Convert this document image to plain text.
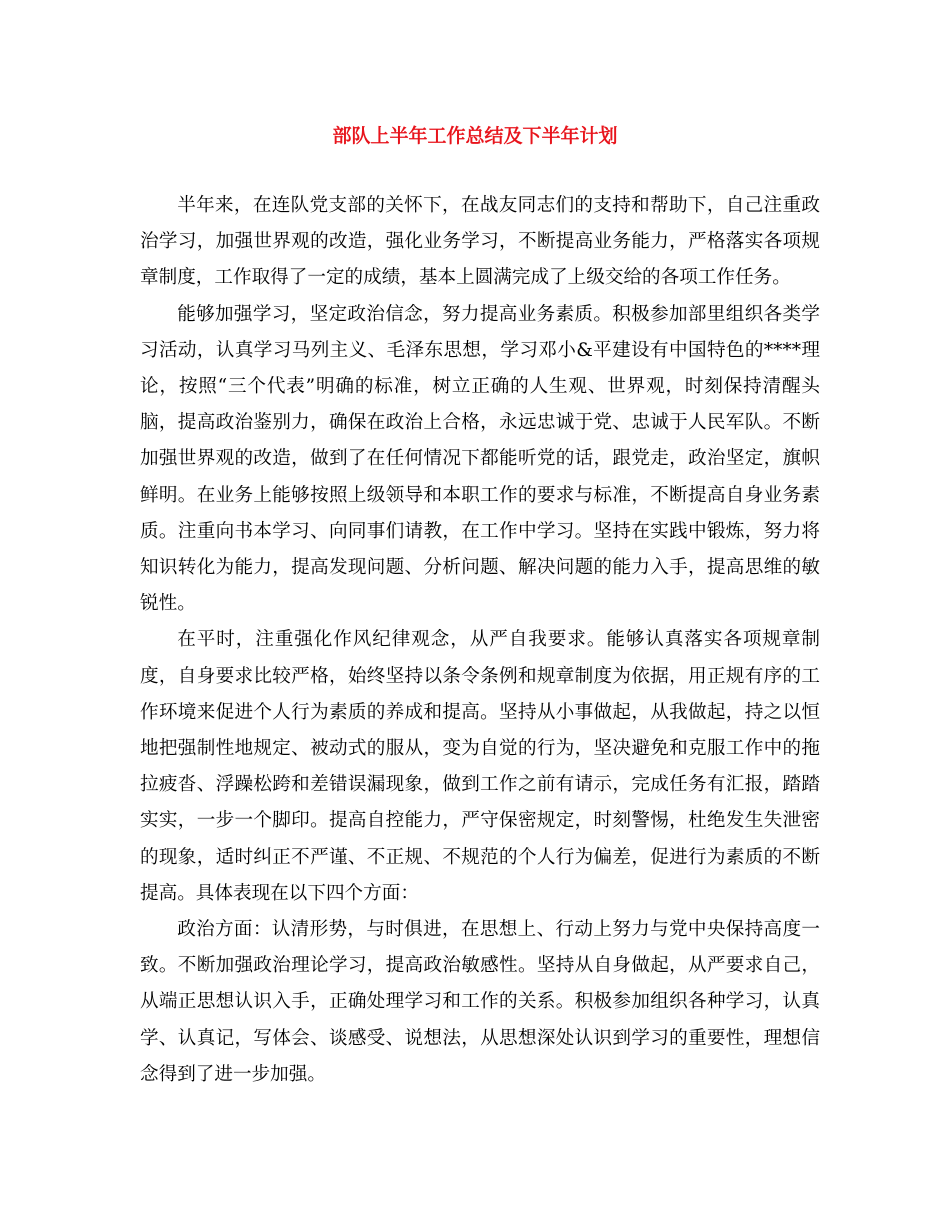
部队上半年工作总结及下半年计划

半年来，在连队党支部的关怀下，在战友同志们的支持和帮助下，自己注重政治学习，加强世界观的改造，强化业务学习，不断提高业务能力，严格落实各项规章制度，工作取得了一定的成绩，基本上圆满完成了上级交给的各项工作任务。

能够加强学习，坚定政治信念，努力提高业务素质。积极参加部里组织各类学习活动，认真学习马列主义、毛泽东思想，学习邓小&平建设有中国特色的****理论，按照“三个代表”明确的标准，树立正确的人生观、世界观，时刻保持清醒头脑，提高政治鉴别力，确保在政治上合格，永远忠诚于党、忠诚于人民军队。不断加强世界观的改造，做到了在任何情况下都能听党的话，跟党走，政治坚定，旗帜鲜明。在业务上能够按照上级领导和本职工作的要求与标准，不断提高自身业务素质。注重向书本学习、向同事们请教，在工作中学习。坚持在实践中锻炼，努力将知识转化为能力，提高发现问题、分析问题、解决问题的能力入手，提高思维的敏锐性。

在平时，注重强化作风纪律观念，从严自我要求。能够认真落实各项规章制度，自身要求比较严格，始终坚持以条令条例和规章制度为依据，用正规有序的工作环境来促进个人行为素质的养成和提高。坚持从小事做起，从我做起，持之以恒地把强制性地规定、被动式的服从，变为自觉的行为，坚决避免和克服工作中的拖拉疲沓、浮躁松跨和差错误漏现象，做到工作之前有请示，完成任务有汇报，踏踏实实，一步一个脚印。提高自控能力，严守保密规定，时刻警惕，杜绝发生失泄密的现象，适时纠正不严谨、不正规、不规范的个人行为偏差，促进行为素质的不断提高。具体表现在以下四个方面：

政治方面：认清形势，与时俱进，在思想上、行动上努力与党中央保持高度一致。不断加强政治理论学习，提高政治敏感性。坚持从自身做起，从严要求自己，从端正思想认识入手，正确处理学习和工作的关系。积极参加组织各种学习，认真学、认真记，写体会、谈感受、说想法，从思想深处认识到学习的重要性，理想信念得到了进一步加强。
